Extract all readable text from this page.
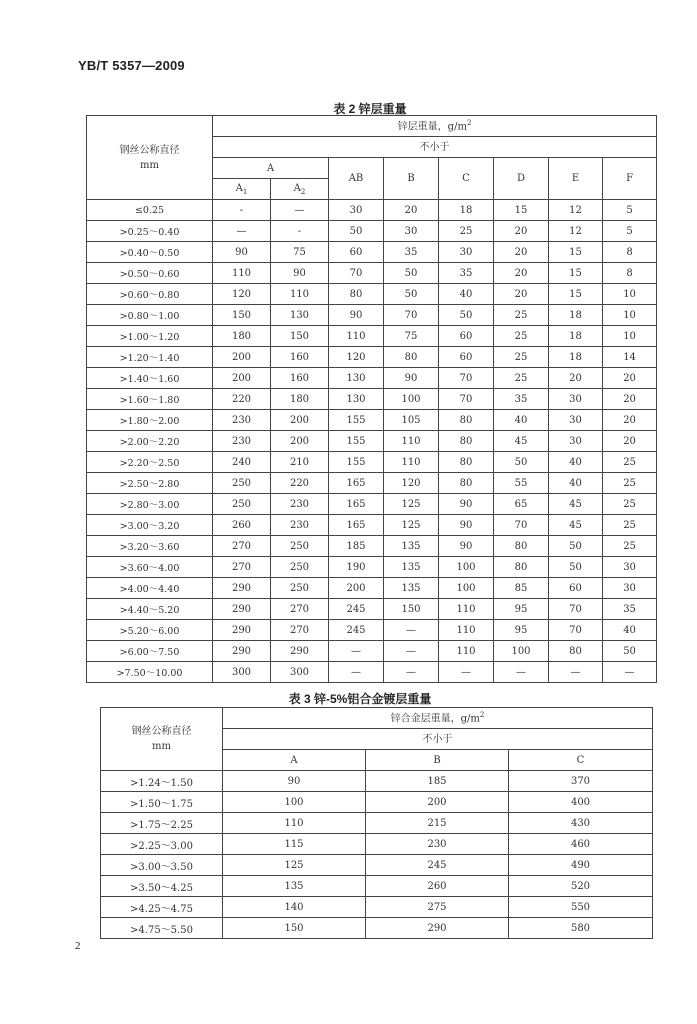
YB/T 5357—2009
表 2 锌层重量
钢丝公称直径
mm	锌层重量，$g/m^2$
	不小于							
	A		AB	B	C	D	E	F
	$A_1$	$A_2$
≤0.25	-	—	30	20	18	15	12	5
>0.25～0.40	—	-	50	30	25	20	12	5
>0.40～0.50	90	75	60	35	30	20	15	8
>0.50～0.60	110	90	70	50	35	20	15	8
>0.60～0.80	120	110	80	50	40	20	15	10
>0.80～1.00	150	130	90	70	50	25	18	10
>1.00～1.20	180	150	110	75	60	25	18	10
>1.20～1.40	200	160	120	80	60	25	18	14
>1.40～1.60	200	160	130	90	70	25	20	20
>1.60～1.80	220	180	130	100	70	35	30	20
>1.80～2.00	230	200	155	105	80	40	30	20
>2.00～2.20	230	200	155	110	80	45	30	20
>2.20～2.50	240	210	155	110	80	50	40	25
>2.50～2.80	250	220	165	120	80	55	40	25
>2.80～3.00	250	230	165	125	90	65	45	25
>3.00～3.20	260	230	165	125	90	70	45	25
>3.20～3.60	270	250	185	135	90	80	50	25
>3.60～4.00	270	250	190	135	100	80	50	30
>4.00～4.40	290	250	200	135	100	85	60	30
>4.40～5.20	290	270	245	150	110	95	70	35
>5.20～6.00	290	270	245	—	110	95	70	40
>6.00～7.50	290	290	—	—	110	100	80	50
>7.50～10.00	300	300	—	—	—	—	—	—
表 3 锌-5%铝合金镀层重量
钢丝公称直径
mm	锌合金层重量，$g/m^2$
	不小于		
	A	B	C
>1.24～1.50	90	185	370
>1.50～1.75	100	200	400
>1.75～2.25	110	215	430
>2.25～3.00	115	230	460
>3.00～3.50	125	245	490
>3.50～4.25	135	260	520
>4.25～4.75	140	275	550
>4.75～5.50	150	290	580
2
